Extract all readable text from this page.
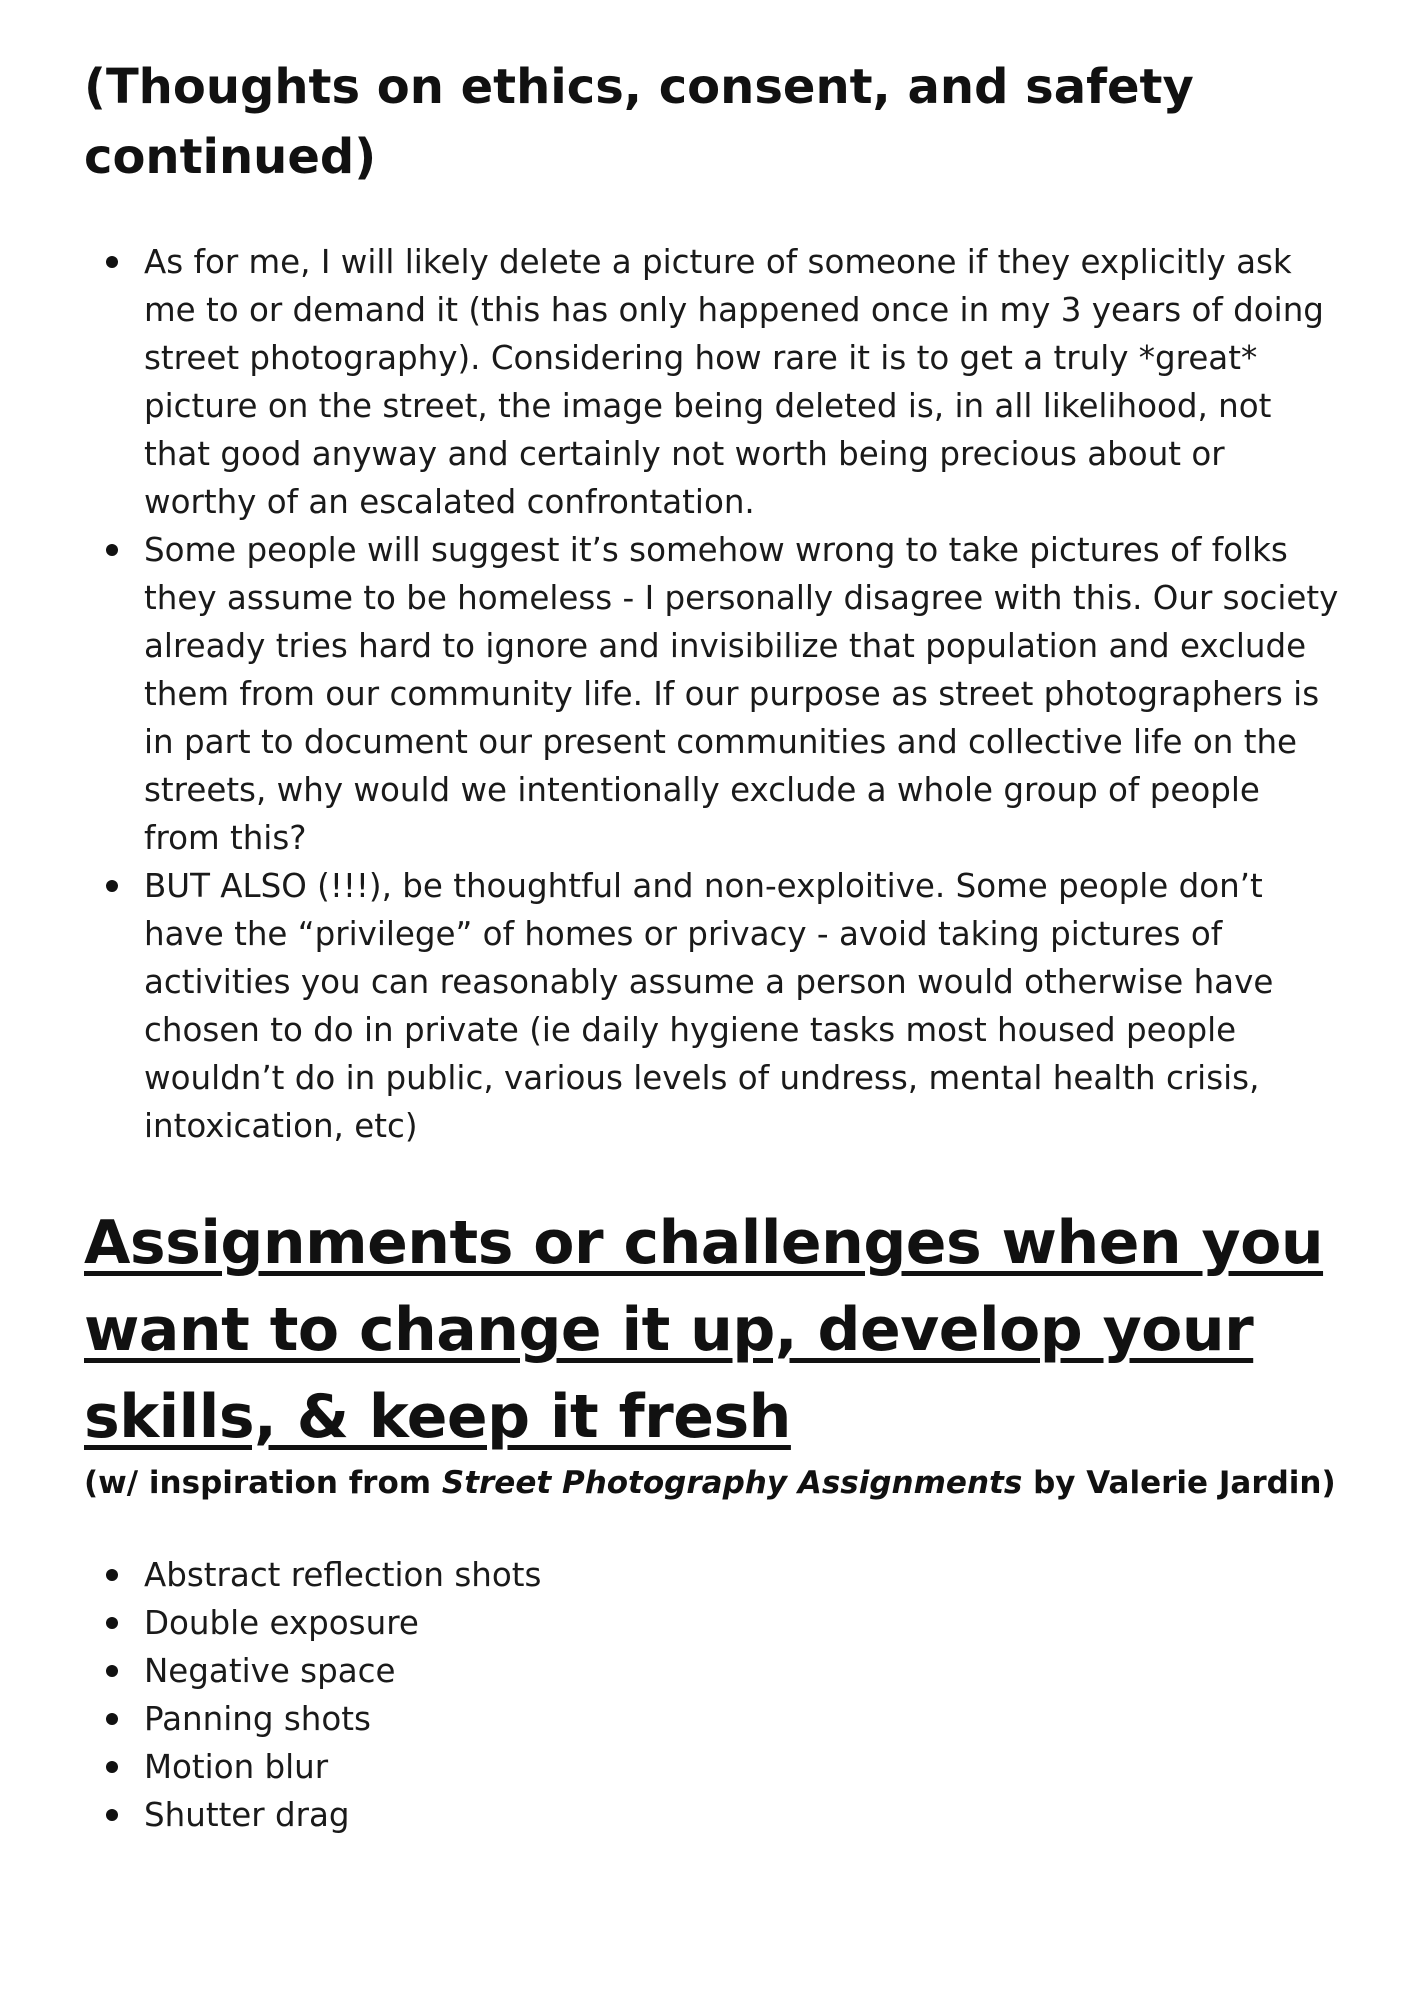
(Thoughts on ethics, consent, and safety continued)
As for me, I will likely delete a picture of someone if they explicitly ask me to or demand it (this has only happened once in my 3 years of doing street photography). Considering how rare it is to get a truly *great* picture on the street, the image being deleted is, in all likelihood, not that good anyway and certainly not worth being precious about or worthy of an escalated confrontation.
Some people will suggest it’s somehow wrong to take pictures of folks they assume to be homeless - I personally disagree with this. Our society already tries hard to ignore and invisibilize that population and exclude them from our community life. If our purpose as street photographers is in part to document our present communities and collective life on the streets, why would we intentionally exclude a whole group of people from this?
BUT ALSO (!!!), be thoughtful and non-exploitive. Some people don’t have the “privilege” of homes or privacy - avoid taking pictures of activities you can reasonably assume a person would otherwise have chosen to do in private (ie daily hygiene tasks most housed people wouldn’t do in public, various levels of undress, mental health crisis, intoxication, etc)
Assignments or challenges when you want to change it up, develop your skills, & keep it fresh

(w/ inspiration from Street Photography Assignments by Valerie Jardin)

Abstract reflection shots
Double exposure
Negative space
Panning shots
Motion blur
Shutter drag
